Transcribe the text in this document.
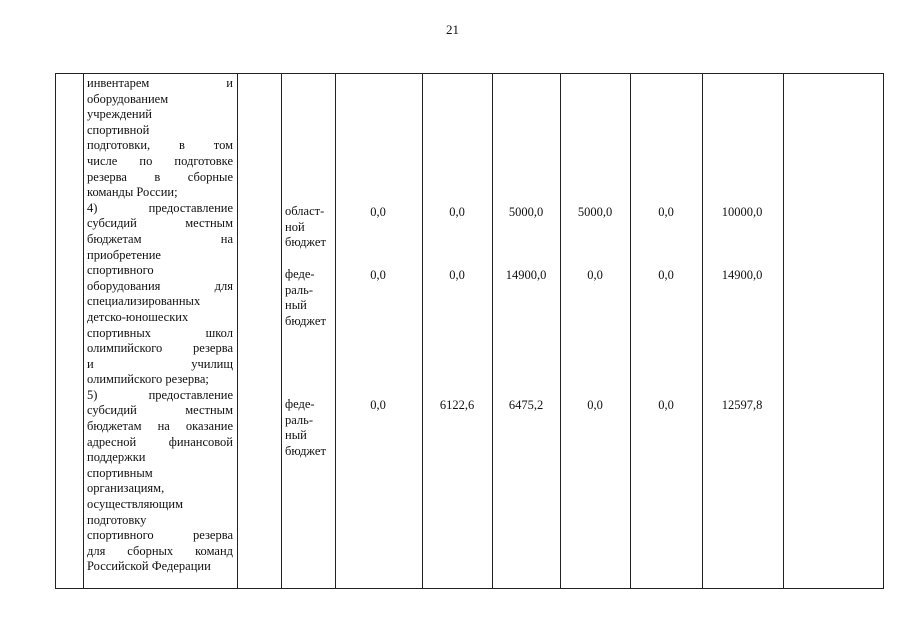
21
инвентарем и
оборудованием
учреждений
спортивной
подготовки, в том
числе по подготовке
резерва в сборные
команды России;
4) предоставление
субсидий местным
бюджетам на
приобретение
спортивного
оборудования для
специализированных
детско-юношеских
спортивных школ
олимпийского резерва
и училищ
олимпийского резерва;
5) предоставление
субсидий местным
бюджетам на оказание
адресной финансовой
поддержки
спортивным
организациям,
осуществляющим
подготовку
спортивного резерва
для сборных команд
Российской Федерации
област-
ной
бюджет
0,0	0,0	5000,0	5000,0	0,0	10000,0
феде-
раль-
ный
бюджет
0,0	0,0	14900,0	0,0	0,0	14900,0
феде-
раль-
ный
бюджет
0,0	6122,6	6475,2	0,0	0,0	12597,8
